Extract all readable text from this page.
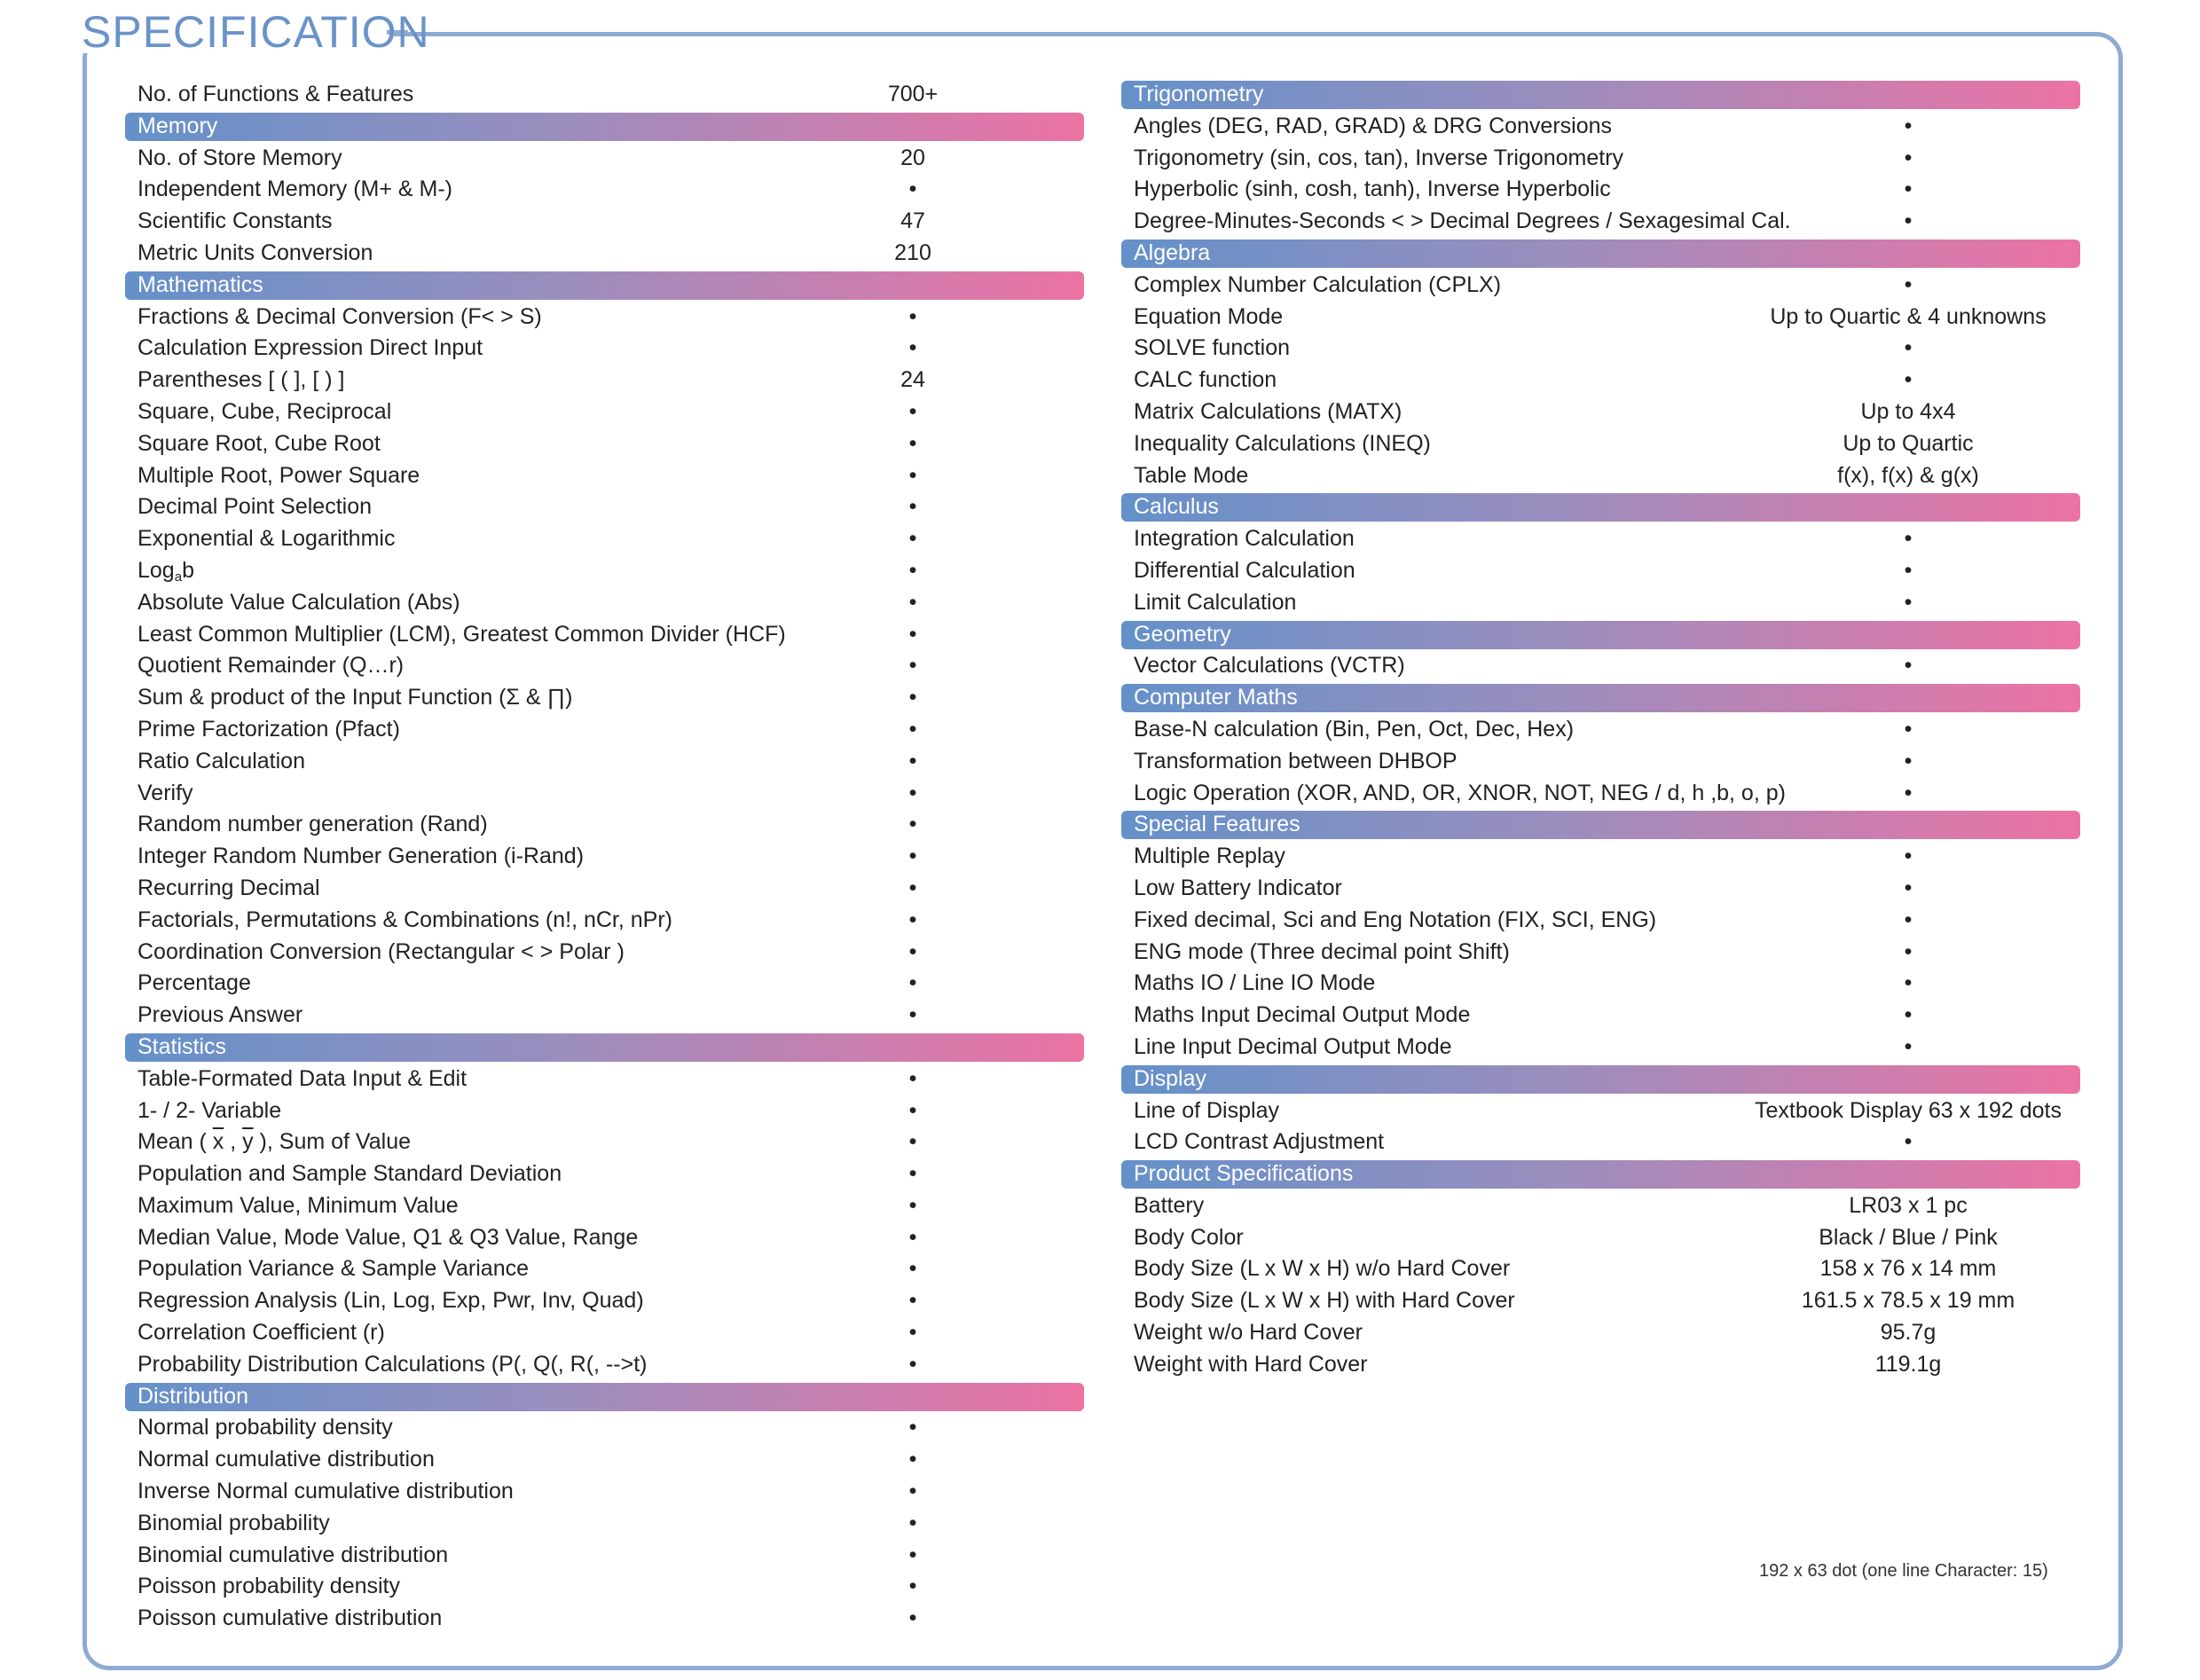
SPECIFICATION
No. of Functions & Features	700+
Memory
No. of Store Memory	20
Independent Memory (M+ & M-)	•
Scientific Constants	47
Metric Units Conversion	210
Mathematics
Fractions & Decimal Conversion (F< > S)	•
Calculation Expression Direct Input	•
Parentheses [ ( ], [ ) ]	24
Square, Cube, Reciprocal	•
Square Root, Cube Root	•
Multiple Root, Power Square	•
Decimal Point Selection	•
Exponential & Logarithmic	•
Log$_a$b	•
Absolute Value Calculation (Abs)	•
Least Common Multiplier (LCM), Greatest Common Divider (HCF)	•
Quotient Remainder (Q…r)	•
Sum & product of the Input Function (Σ & ∏)	•
Prime Factorization (Pfact)	•
Ratio Calculation	•
Verify	•
Random number generation (Rand)	•
Integer Random Number Generation (i-Rand)	•
Recurring Decimal	•
Factorials, Permutations & Combinations (n!, nCr, nPr)	•
Coordination Conversion (Rectangular < > Polar )	•
Percentage	•
Previous Answer	•
Statistics
Table-Formated Data Input & Edit	•
1- / 2- Variable	•
Mean ( $\overline{x}$ , $\overline{y}$ ), Sum of Value	•
Population and Sample Standard Deviation	•
Maximum Value, Minimum Value	•
Median Value, Mode Value, Q1 & Q3 Value, Range	•
Population Variance & Sample Variance	•
Regression Analysis (Lin, Log, Exp, Pwr, Inv, Quad)	•
Correlation Coefficient (r)	•
Probability Distribution Calculations (P(, Q(, R(, -->t)	•
Distribution
Normal probability density	•
Normal cumulative distribution	•
Inverse Normal cumulative distribution	•
Binomial probability	•
Binomial cumulative distribution	•
Poisson probability density	•
Poisson cumulative distribution	•
Trigonometry
Angles (DEG, RAD, GRAD) & DRG Conversions	•
Trigonometry (sin, cos, tan), Inverse Trigonometry	•
Hyperbolic (sinh, cosh, tanh), Inverse Hyperbolic	•
Degree-Minutes-Seconds < > Decimal Degrees / Sexagesimal Cal.	•
Algebra
Complex Number Calculation (CPLX)	•
Equation Mode	Up to Quartic & 4 unknowns
SOLVE function	•
CALC function	•
Matrix Calculations (MATX)	Up to 4x4
Inequality Calculations (INEQ)	Up to Quartic
Table Mode	f(x), f(x) & g(x)
Calculus
Integration Calculation	•
Differential Calculation	•
Limit Calculation	•
Geometry
Vector Calculations (VCTR)	•
Computer Maths
Base-N calculation (Bin, Pen, Oct, Dec, Hex)	•
Transformation between DHBOP	•
Logic Operation (XOR, AND, OR, XNOR, NOT, NEG / d, h ,b, o, p)	•
Special Features
Multiple Replay	•
Low Battery Indicator	•
Fixed decimal, Sci and Eng Notation (FIX, SCI, ENG)	•
ENG mode (Three decimal point Shift)	•
Maths IO / Line IO Mode	•
Maths Input Decimal Output Mode	•
Line Input Decimal Output Mode	•
Display
Line of Display	Textbook Display 63 x 192 dots
LCD Contrast Adjustment	•
Product Specifications
Battery	LR03 x 1 pc
Body Color	Black / Blue / Pink
Body Size (L x W x H) w/o Hard Cover	158 x 76 x 14 mm
Body Size (L x W x H) with Hard Cover	161.5 x 78.5 x 19 mm
Weight w/o Hard Cover	95.7g
Weight with Hard Cover	119.1g
192 x 63 dot (one line Character: 15)
